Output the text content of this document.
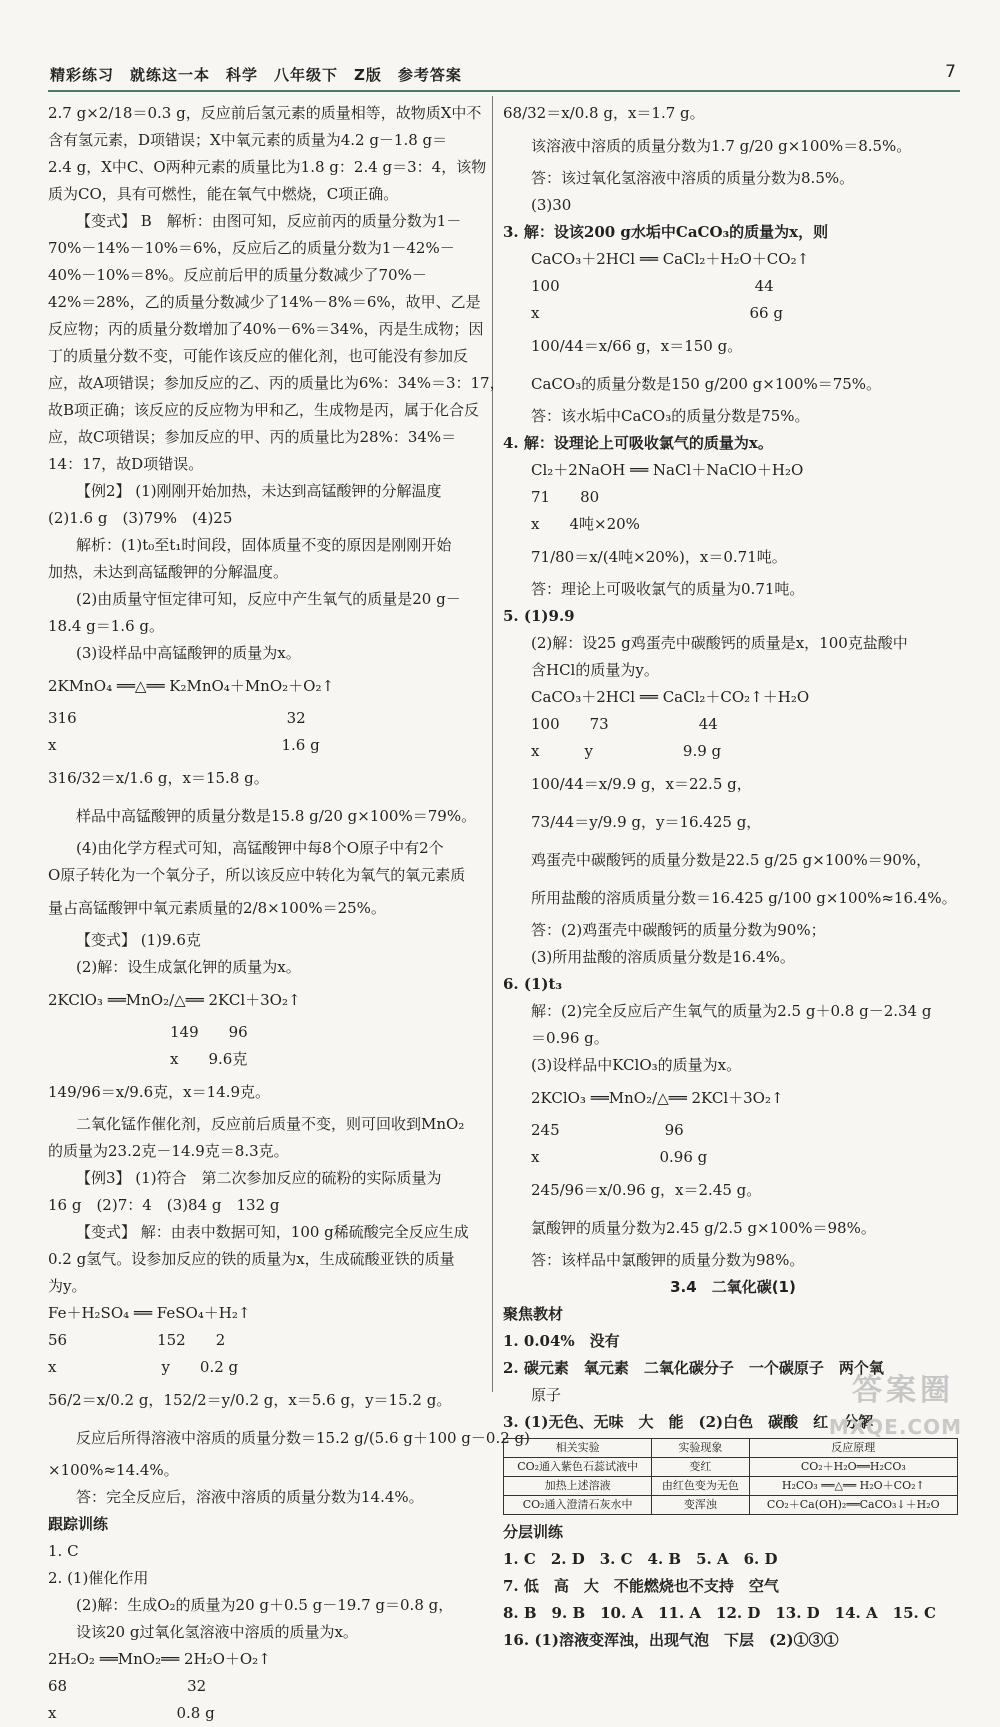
精彩练习　就练这一本　科学　八年级下　Z版　参考答案	7
2.7 g×2/18＝0.3 g，反应前后氢元素的质量相等，故物质X中不
含有氢元素，D项错误；X中氧元素的质量为4.2 g－1.8 g＝
2.4 g，X中C、O两种元素的质量比为1.8 g：2.4 g＝3：4，该物
质为CO，具有可燃性，能在氧气中燃烧，C项正确。
【变式】 B　解析：由图可知，反应前丙的质量分数为1－
70%－14%－10%＝6%，反应后乙的质量分数为1－42%－
40%－10%＝8%。反应前后甲的质量分数减少了70%－
42%＝28%，乙的质量分数减少了14%－8%＝6%，故甲、乙是
反应物；丙的质量分数增加了40%－6%＝34%，丙是生成物；因
丁的质量分数不变，可能作该反应的催化剂，也可能没有参加反
应，故A项错误；参加反应的乙、丙的质量比为6%：34%＝3：17，
故B项正确；该反应的反应物为甲和乙，生成物是丙，属于化合反
应，故C项错误；参加反应的甲、丙的质量比为28%：34%＝
14：17，故D项错误。
【例2】 (1)刚刚开始加热，未达到高锰酸钾的分解温度
(2)1.6 g　(3)79%　(4)25
解析：(1)t₀至t₁时间段，固体质量不变的原因是刚刚开始
加热，未达到高锰酸钾的分解温度。
(2)由质量守恒定律可知，反应中产生氧气的质量是20 g－
18.4 g＝1.6 g。
(3)设样品中高锰酸钾的质量为x。
2KMnO₄ ══△══ K₂MnO₄＋MnO₂＋O₂↑
316　　　　　　　　　　　　　　32
x　　　　　　　　　　　　　　　1.6 g
316/32＝x/1.6 g，x＝15.8 g。
样品中高锰酸钾的质量分数是15.8 g/20 g×100%＝79%。
(4)由化学方程式可知，高锰酸钾中每8个O原子中有2个
O原子转化为一个氧分子，所以该反应中转化为氧气的氧元素质
量占高锰酸钾中氧元素质量的2/8×100%＝25%。
【变式】 (1)9.6克
(2)解：设生成氯化钾的质量为x。
2KClO₃ ══MnO₂/△══ 2KCl＋3O₂↑
149　　96
x　　9.6克
149/96＝x/9.6克，x＝14.9克。
二氧化锰作催化剂，反应前后质量不变，则可回收到MnO₂
的质量为23.2克－14.9克＝8.3克。
【例3】 (1)符合　第二次参加反应的硫粉的实际质量为
16 g　(2)7：4　(3)84 g　132 g
【变式】 解：由表中数据可知，100 g稀硫酸完全反应生成
0.2 g氢气。设参加反应的铁的质量为x，生成硫酸亚铁的质量
为y。
Fe＋H₂SO₄ ══ FeSO₄＋H₂↑
56　　　　　　152　　2
x　　　　　　　y　　0.2 g
56/2＝x/0.2 g，152/2＝y/0.2 g，x＝5.6 g，y＝15.2 g。
反应后所得溶液中溶质的质量分数＝15.2 g/(5.6 g＋100 g－0.2 g)
×100%≈14.4%。
答：完全反应后，溶液中溶质的质量分数为14.4%。
跟踪训练
1. C
2. (1)催化作用
(2)解：生成O₂的质量为20 g＋0.5 g－19.7 g＝0.8 g，
设该20 g过氧化氢溶液中溶质的质量为x。
2H₂O₂ ══MnO₂══ 2H₂O＋O₂↑
68　　　　　　　　32
x　　　　　　　　0.8 g
68/32＝x/0.8 g，x＝1.7 g。
该溶液中溶质的质量分数为1.7 g/20 g×100%＝8.5%。
答：该过氧化氢溶液中溶质的质量分数为8.5%。
(3)30
3. 解：设该200 g水垢中CaCO₃的质量为x，则
CaCO₃＋2HCl ══ CaCl₂＋H₂O＋CO₂↑
100　　　　　　　　　　　　　44
x　　　　　　　　　　　　　　66 g
100/44＝x/66 g，x＝150 g。
CaCO₃的质量分数是150 g/200 g×100%＝75%。
答：该水垢中CaCO₃的质量分数是75%。
4. 解：设理论上可吸收氯气的质量为x。
Cl₂＋2NaOH ══ NaCl＋NaClO＋H₂O
71　　80
x　　4吨×20%
71/80＝x/(4吨×20%)，x＝0.71吨。
答：理论上可吸收氯气的质量为0.71吨。
5. (1)9.9
(2)解：设25 g鸡蛋壳中碳酸钙的质量是x，100克盐酸中
含HCl的质量为y。
CaCO₃＋2HCl ══ CaCl₂＋CO₂↑＋H₂O
100　　73　　　　　　44
x　　　y　　　　　　9.9 g
100/44＝x/9.9 g，x＝22.5 g，
73/44＝y/9.9 g，y＝16.425 g，
鸡蛋壳中碳酸钙的质量分数是22.5 g/25 g×100%＝90%，
所用盐酸的溶质质量分数＝16.425 g/100 g×100%≈16.4%。
答：(2)鸡蛋壳中碳酸钙的质量分数为90%；
(3)所用盐酸的溶质质量分数是16.4%。
6. (1)t₃
解：(2)完全反应后产生氧气的质量为2.5 g＋0.8 g－2.34 g
＝0.96 g。
(3)设样品中KClO₃的质量为x。
2KClO₃ ══MnO₂/△══ 2KCl＋3O₂↑
245　　　　　　　96
x　　　　　　　　0.96 g
245/96＝x/0.96 g，x＝2.45 g。
氯酸钾的质量分数为2.45 g/2.5 g×100%＝98%。
答：该样品中氯酸钾的质量分数为98%。
3.4　二氧化碳(1)
聚焦教材
1. 0.04%　没有
2. 碳元素　氧元素　二氧化碳分子　一个碳原子　两个氧
原子
3. (1)无色、无味　大　能　(2)白色　碳酸　红　分解
相关实验	实验现象	反应原理
CO₂通入紫色石蕊试液中	变红	CO₂＋H₂O══H₂CO₃
加热上述溶液	由红色变为无色	H₂CO₃ ══△══ H₂O＋CO₂↑
CO₂通入澄清石灰水中	变浑浊	CO₂＋Ca(OH)₂══CaCO₃↓＋H₂O
分层训练
1. C　2. D　3. C　4. B　5. A　6. D
7. 低　高　大　不能燃烧也不支持　空气
8. B　9. B　10. A　11. A　12. D　13. D　14. A　15. C
16. (1)溶液变浑浊，出现气泡　下层　(2)①③①
答案圈
MXQE.COM
